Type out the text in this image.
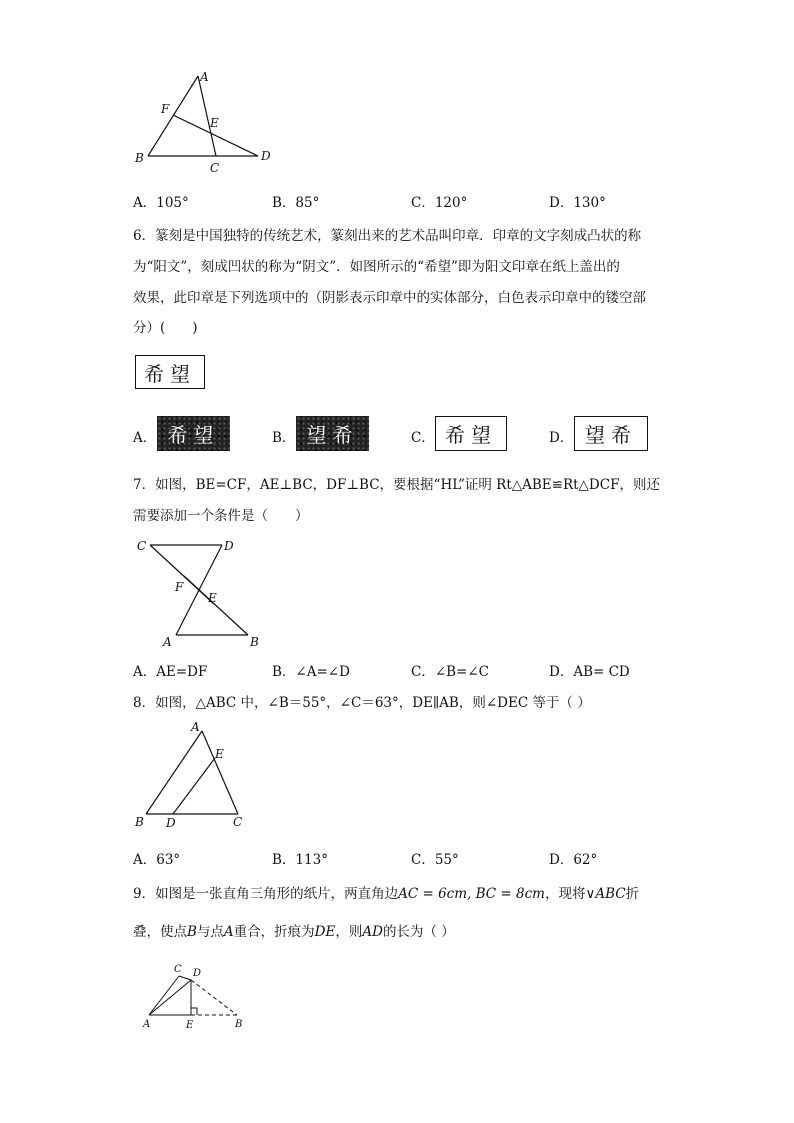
A
F
E
B
C
D
A．105°	B．85°	C．120°	D．130°
6．篆刻是中国独特的传统艺术，篆刻出来的艺术品叫印章．印章的文字刻成凸状的称
为“阳文”，刻成凹状的称为“阴文”．如图所示的“希望”即为阳文印章在纸上盖出的
效果，此印章是下列选项中的（阴影表示印章中的实体部分，白色表示印章中的镂空部
分）(　　)
希望
A． 希望	B． 望希	C． 希望	D． 望希
7．如图，BE=CF，AE⊥BC，DF⊥BC，要根据“HL”证明 Rt△ABE≌Rt△DCF，则还
需要添加一个条件是（　　）
C	D
F
E
A	B
A．AE=DF	B．∠A=∠D	C．∠B=∠C	D．AB= CD
8．如图，△ABC 中，∠B＝55°，∠C＝63°，DE∥AB，则∠DEC 等于（ ）
A
E
B D	C
A．63°	B．113°	C．55°	D．62°
9．如图是一张直角三角形的纸片，两直角边AC = 6cm, BC = 8cm，现将∨ABC折
叠，使点B与点A重合，折痕为DE，则AD的长为（ ）
C D
A	E	B
